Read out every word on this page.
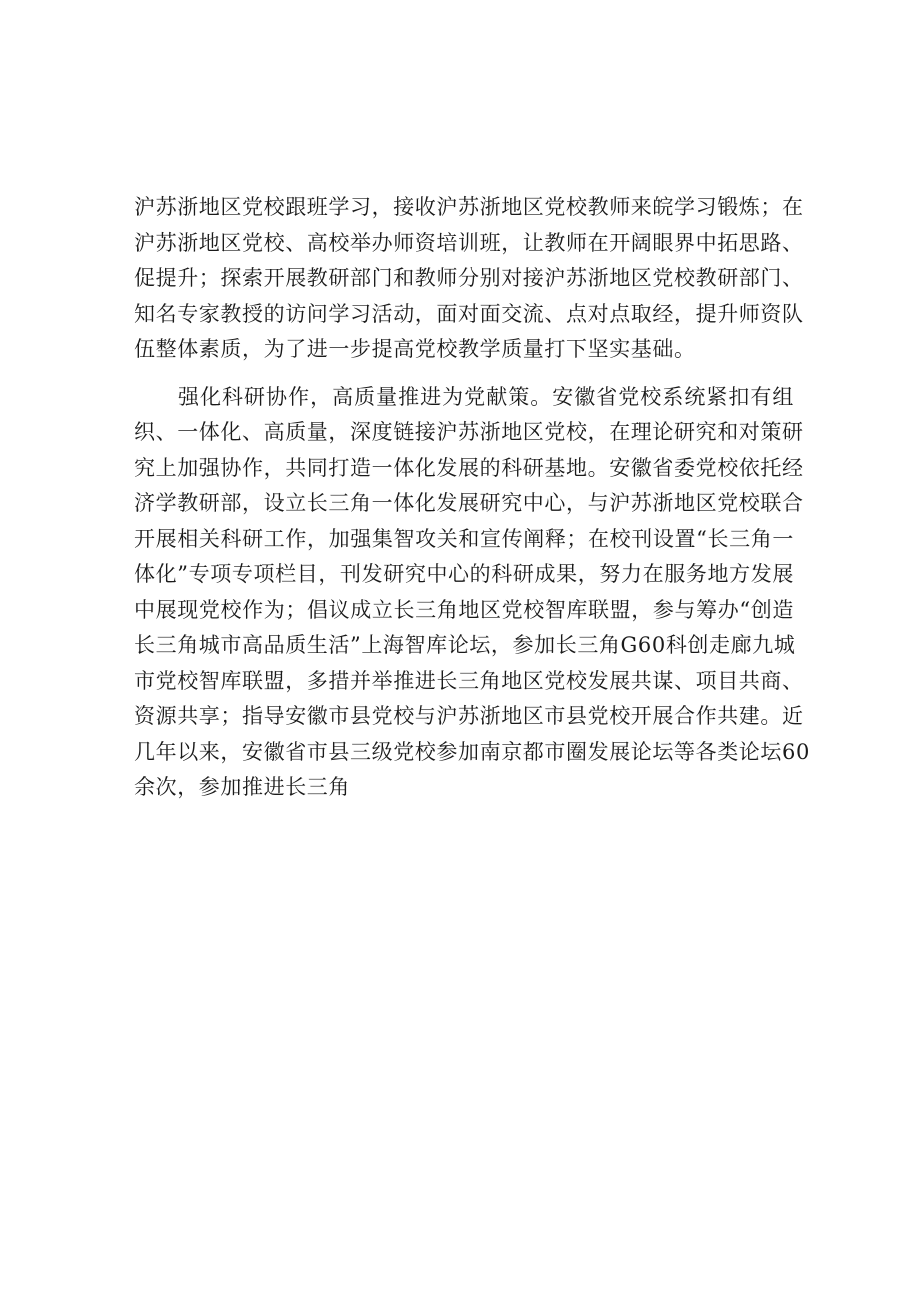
沪苏浙地区党校跟班学习，接收沪苏浙地区党校教师来皖学习锻炼；在
沪苏浙地区党校、高校举办师资培训班，让教师在开阔眼界中拓思路、
促提升；探索开展教研部门和教师分别对接沪苏浙地区党校教研部门、
知名专家教授的访问学习活动，面对面交流、点对点取经，提升师资队
伍整体素质，为了进一步提高党校教学质量打下坚实基础。

强化科研协作，高质量推进为党献策。安徽省党校系统紧扣有组
织、一体化、高质量，深度链接沪苏浙地区党校，在理论研究和对策研
究上加强协作，共同打造一体化发展的科研基地。安徽省委党校依托经
济学教研部，设立长三角一体化发展研究中心，与沪苏浙地区党校联合
开展相关科研工作，加强集智攻关和宣传阐释；在校刊设置“长三角一
体化”专项专项栏目，刊发研究中心的科研成果，努力在服务地方发展
中展现党校作为；倡议成立长三角地区党校智库联盟，参与筹办“创造
长三角城市高品质生活”上海智库论坛，参加长三角G60科创走廊九城
市党校智库联盟，多措并举推进长三角地区党校发展共谋、项目共商、
资源共享；指导安徽市县党校与沪苏浙地区市县党校开展合作共建。近
几年以来，安徽省市县三级党校参加南京都市圈发展论坛等各类论坛60
余次，参加推进长三角
